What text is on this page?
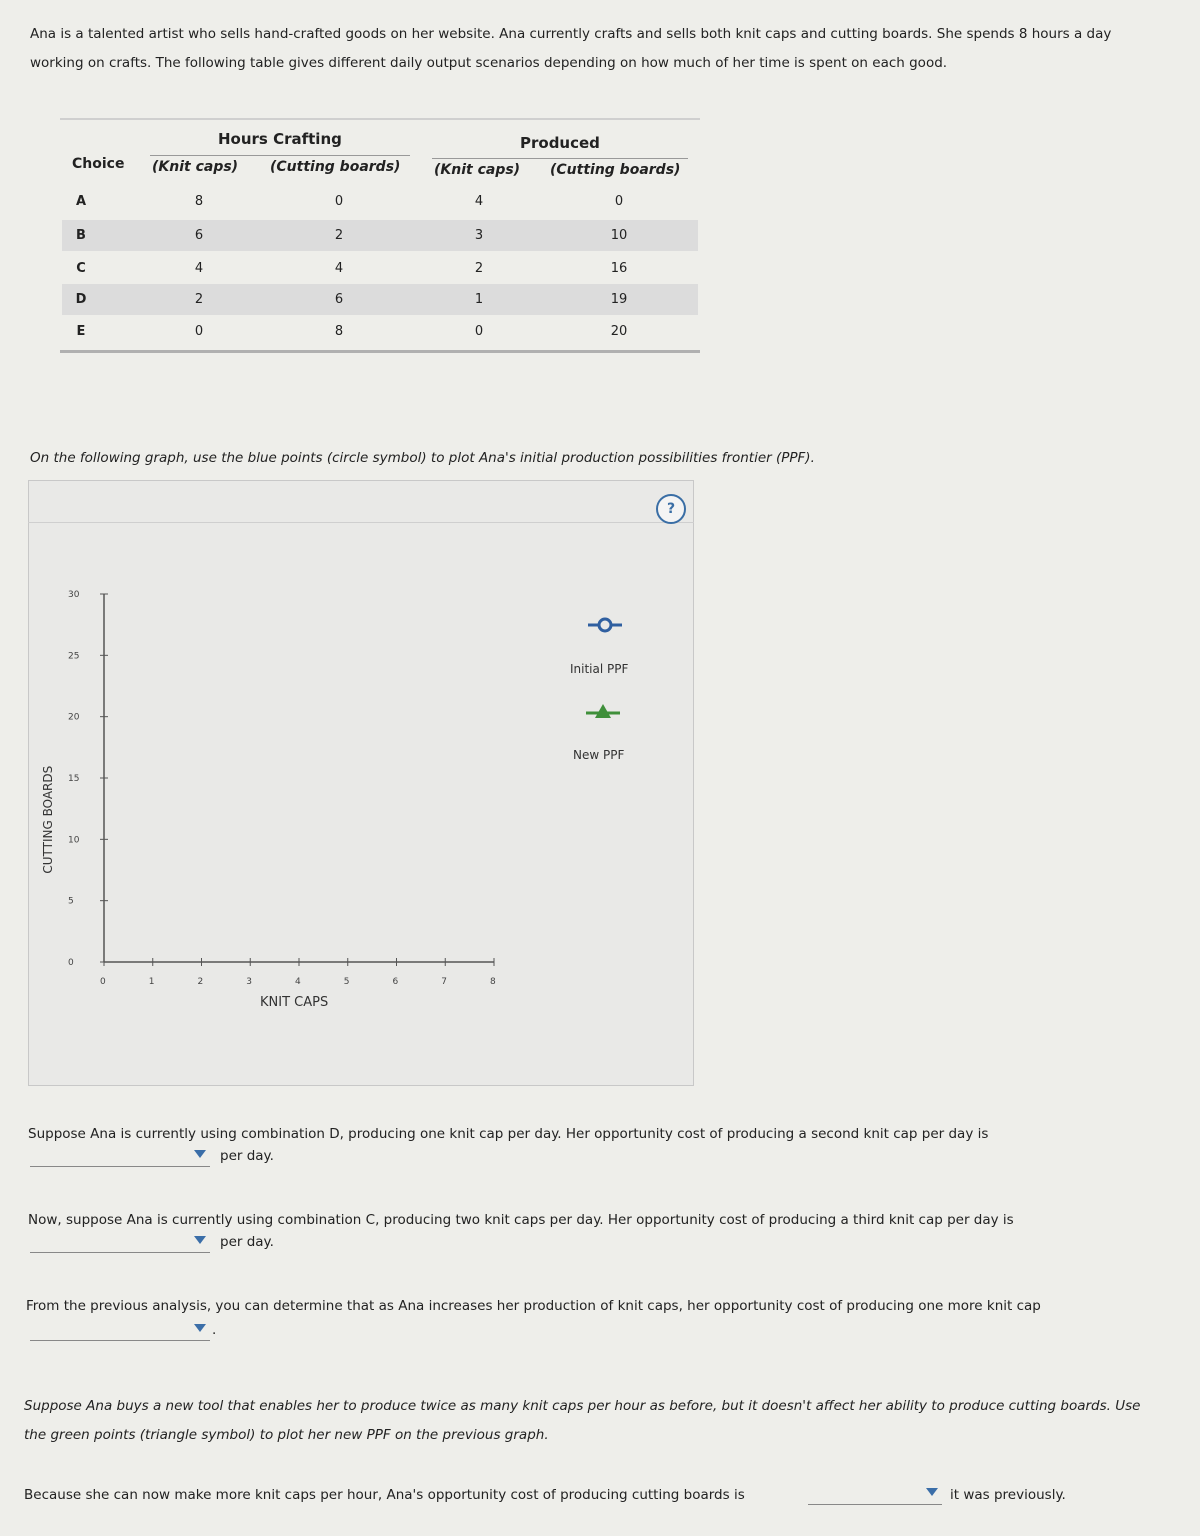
Ana is a talented artist who sells hand-crafted goods on her website. Ana currently crafts and sells both knit caps and cutting boards. She spends 8 hours a day working on crafts. The following table gives different daily output scenarios depending on how much of her time is spent on each good.
Hours Crafting	Produced
Choice (Knit caps) (Cutting boards) (Knit caps) (Cutting boards)
A	8	0	4	0
B	6	2	3	10
C	4	4	2	16
D	2	6	1	19
E	0	8	0	20
On the following graph, use the blue points (circle symbol) to plot Ana's initial production possibilities frontier (PPF).
?
0	1	2	3	4	5	6	7	8
0
5
10
15
20
25
30
KNIT CAPS
CUTTING BOARDS
Initial PPF
New PPF
Suppose Ana is currently using combination D, producing one knit cap per day. Her opportunity cost of producing a second knit cap per day is
per day.
Now, suppose Ana is currently using combination C, producing two knit caps per day. Her opportunity cost of producing a third knit cap per day is
per day.
From the previous analysis, you can determine that as Ana increases her production of knit caps, her opportunity cost of producing one more knit cap
.
Suppose Ana buys a new tool that enables her to produce twice as many knit caps per hour as before, but it doesn't affect her ability to produce cutting boards. Use the green points (triangle symbol) to plot her new PPF on the previous graph.
Because she can now make more knit caps per hour, Ana's opportunity cost of producing cutting boards is	it was previously.
